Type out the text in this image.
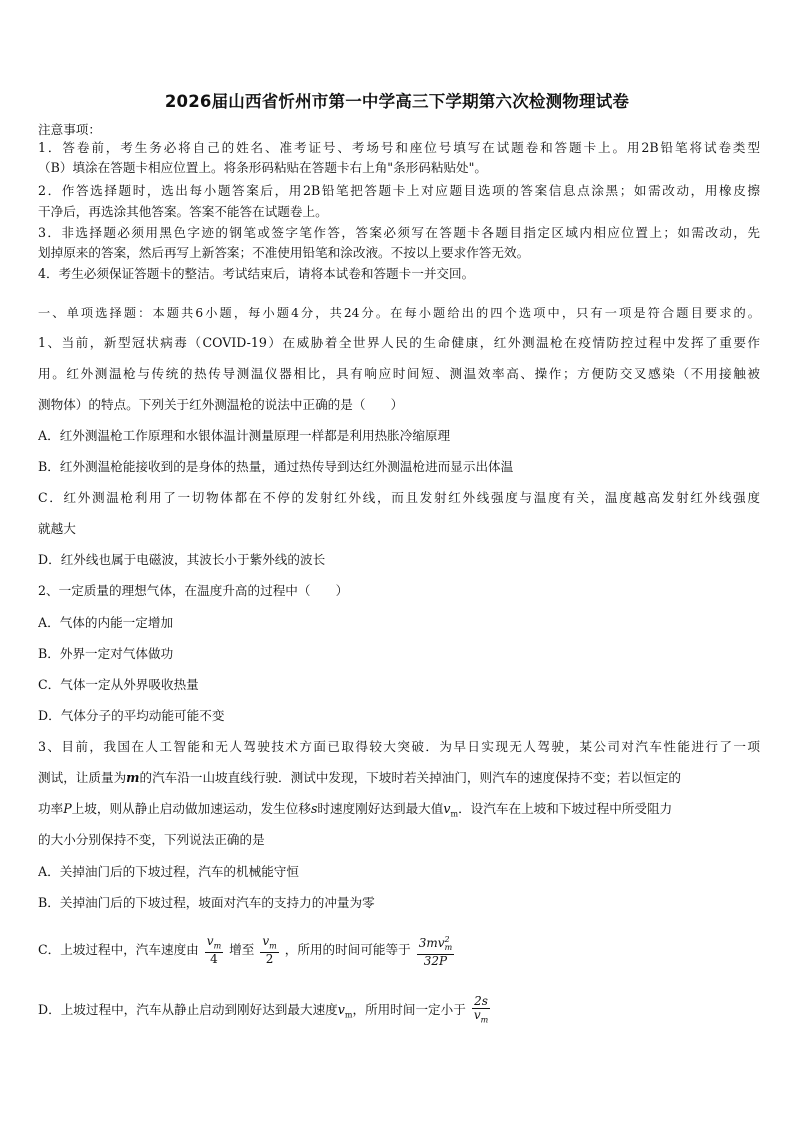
2026届山西省忻州市第一中学高三下学期第六次检测物理试卷
注意事项：
1．答卷前，考生务必将自己的姓名、准考证号、考场号和座位号填写在试题卷和答题卡上。用2B铅笔将试卷类型
（B）填涂在答题卡相应位置上。将条形码粘贴在答题卡右上角"条形码粘贴处"。
2．作答选择题时，选出每小题答案后，用2B铅笔把答题卡上对应题目选项的答案信息点涂黑；如需改动，用橡皮擦
干净后，再选涂其他答案。答案不能答在试题卷上。
3．非选择题必须用黑色字迹的钢笔或签字笔作答，答案必须写在答题卡各题目指定区域内相应位置上；如需改动，先
划掉原来的答案，然后再写上新答案；不准使用铅笔和涂改液。不按以上要求作答无效。
4．考生必须保证答题卡的整洁。考试结束后，请将本试卷和答题卡一并交回。
一、单项选择题：本题共6小题，每小题4分，共24分。在每小题给出的四个选项中，只有一项是符合题目要求的。
1、当前，新型冠状病毒（COVID-19）在威胁着全世界人民的生命健康，红外测温枪在疫情防控过程中发挥了重要作
用。红外测温枪与传统的热传导测温仪器相比，具有响应时间短、测温效率高、操作；方便防交叉感染（不用接触被
测物体）的特点。下列关于红外测温枪的说法中正确的是（　　）
A．红外测温枪工作原理和水银体温计测量原理一样都是利用热胀冷缩原理
B．红外测温枪能接收到的是身体的热量，通过热传导到达红外测温枪进而显示出体温
C．红外测温枪利用了一切物体都在不停的发射红外线，而且发射红外线强度与温度有关，温度越高发射红外线强度
就越大
D．红外线也属于电磁波，其波长小于紫外线的波长
2、一定质量的理想气体，在温度升高的过程中（　　）
A．气体的内能一定增加
B．外界一定对气体做功
C．气体一定从外界吸收热量
D．气体分子的平均动能可能不变
3、目前，我国在人工智能和无人驾驶技术方面已取得较大突破．为早日实现无人驾驶，某公司对汽车性能进行了一项
测试，让质量为m的汽车沿一山坡直线行驶．测试中发现，下坡时若关掉油门，则汽车的速度保持不变；若以恒定的
功率P上坡，则从静止启动做加速运动，发生位移s时速度刚好达到最大值$v_m$．设汽车在上坡和下坡过程中所受阻力
的大小分别保持不变，下列说法正确的是
A．关掉油门后的下坡过程，汽车的机械能守恒
B．关掉油门后的下坡过程，坡面对汽车的支持力的冲量为零
C．上坡过程中，汽车速度由 $\frac{v_m}{4}$ 增至 $\frac{v_m}{2}$ ，所用的时间可能等于 $\frac{3mv^2_m}{32P}$
D．上坡过程中，汽车从静止启动到刚好达到最大速度$v_m$，所用时间一定小于 $\frac{2s}{v_m}$
